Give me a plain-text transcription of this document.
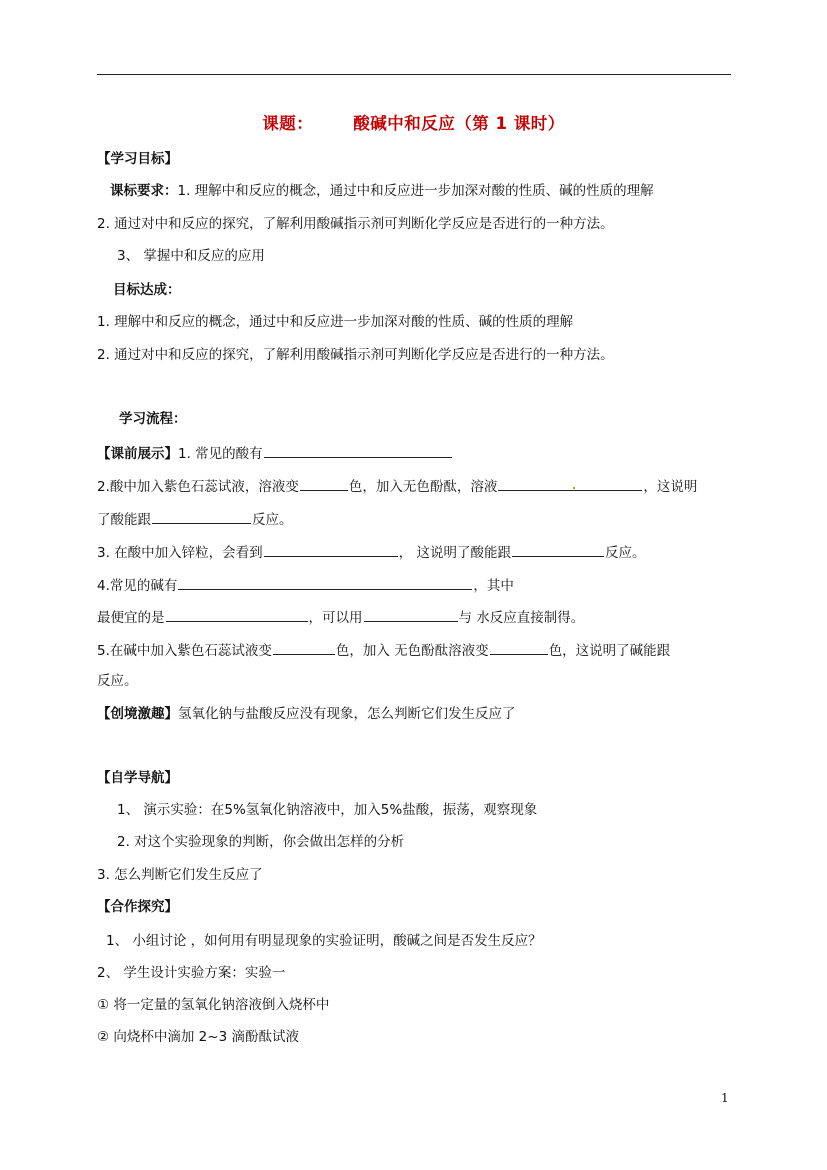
课题： 酸碱中和反应（第 1 课时）
【学习目标】
课标要求：1. 理解中和反应的概念，通过中和反应进一步加深对酸的性质、碱的性质的理解
2. 通过对中和反应的探究，了解利用酸碱指示剂可判断化学反应是否进行的一种方法。
3、 掌握中和反应的应用
目标达成：
1. 理解中和反应的概念，通过中和反应进一步加深对酸的性质、碱的性质的理解
2. 通过对中和反应的探究，了解利用酸碱指示剂可判断化学反应是否进行的一种方法。
学习流程：
【课前展示】1. 常见的酸有
2.酸中加入紫色石蕊试液，溶液变	色，加入无色酚酞，溶液	，这说明
了酸能跟	反应。
3. 在酸中加入锌粒，会看到	， 这说明了酸能跟	反应。
4.常见的碱有	，其中
最便宜的是	，可以用	与 水反应直接制得。
5.在碱中加入紫色石蕊试液变	色，加入 无色酚酞溶液变	色，这说明了碱能跟
反应。
【创境激趣】氢氧化钠与盐酸反应没有现象，怎么判断它们发生反应了
【自学导航】
1、 演示实验：在5%氢氧化钠溶液中，加入5%盐酸，振荡，观察现象
2. 对这个实验现象的判断，你会做出怎样的分析
3. 怎么判断它们发生反应了
【合作探究】
1、 小组讨论 ，如何用有明显现象的实验证明，酸碱之间是否发生反应？
2、 学生设计实验方案：实验一
① 将一定量的氢氧化钠溶液倒入烧杯中
② 向烧杯中滴加 2~3 滴酚酞试液
1
